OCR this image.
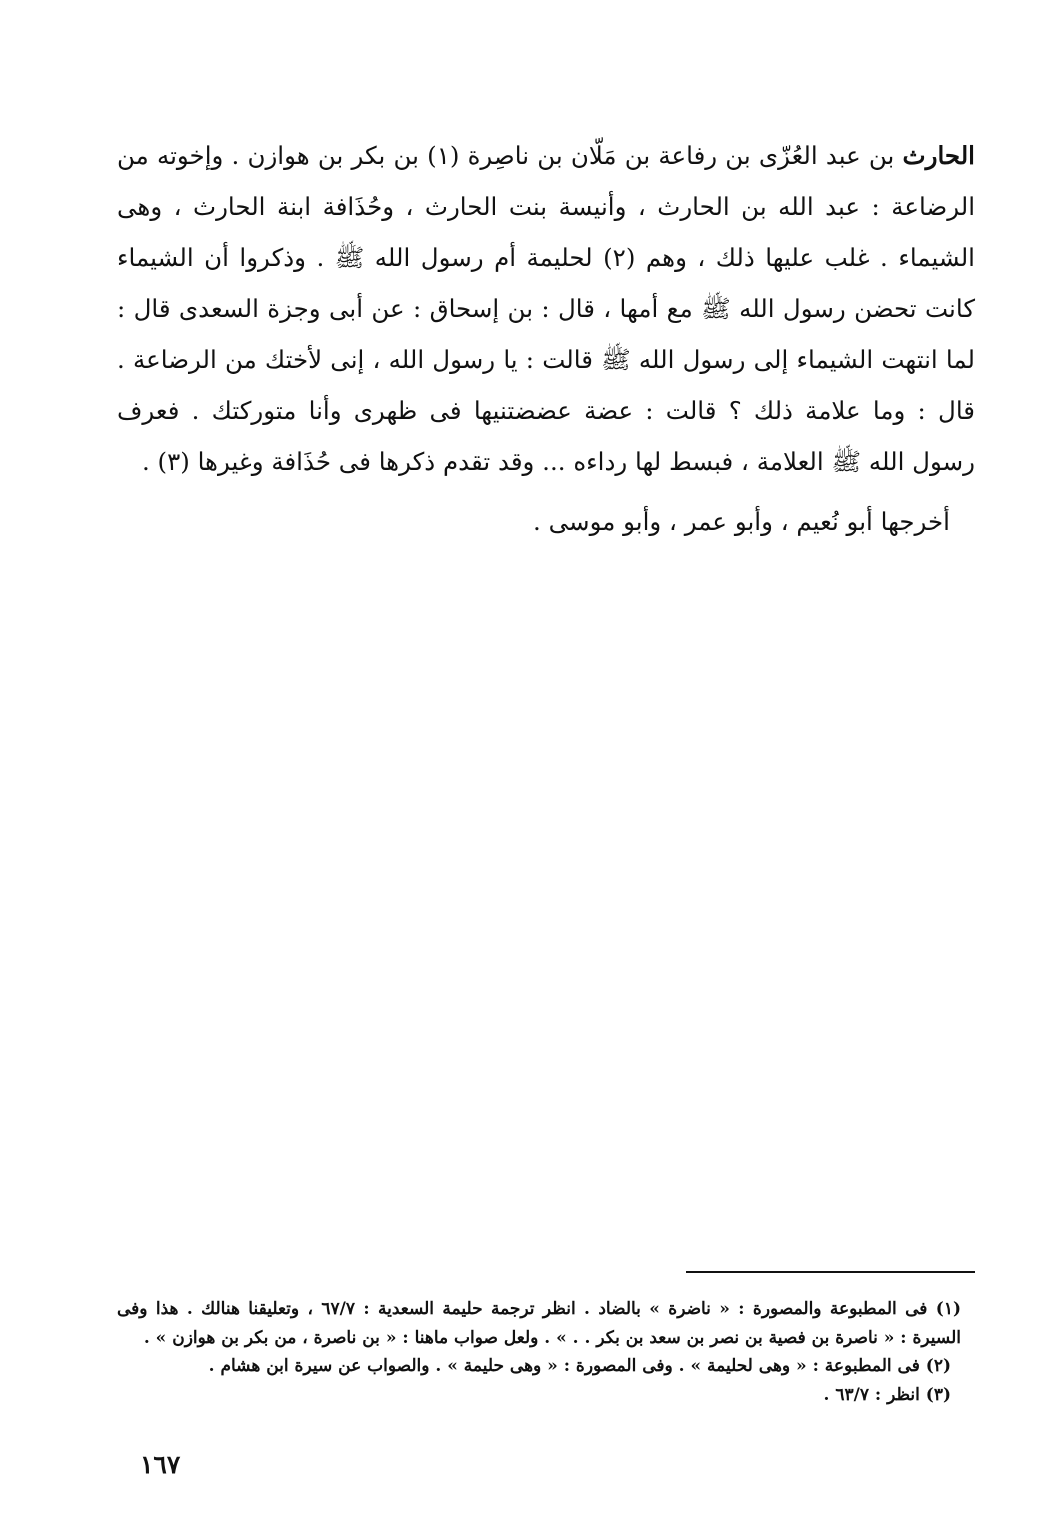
الحارث بن عبد العُزّى بن رفاعة بن مَلّان بن ناصِرة (١) بن بكر بن هوازن . وإخوته من الرضاعة : عبد الله بن الحارث ، وأنيسة بنت الحارث ، وحُذَافة ابنة الحارث ، وهى الشيماء . غلب عليها ذلك ، وهم (٢) لحليمة أم رسول الله ﷺ . وذكروا أن الشيماء كانت تحضن رسول الله ﷺ مع أمها ، قال : بن إسحاق : عن أبى وجزة السعدى قال : لما انتهت الشيماء إلى رسول الله ﷺ قالت : يا رسول الله ، إنى لأختك من الرضاعة . قال : وما علامة ذلك ؟ قالت : عضة عضضتنيها فى ظهرى وأنا متوركتك . فعرف رسول الله ﷺ العلامة ، فبسط لها رداءه ... وقد تقدم ذكرها فى حُذَافة وغيرها (٣) .

أخرجها أبو نُعيم ، وأبو عمر ، وأبو موسى .

(١) فى المطبوعة والمصورة : « ناضرة » بالضاد . انظر ترجمة حليمة السعدية : ٦٧/٧ ، وتعليقنا هنالك . هذا وفى السيرة : « ناصرة بن فصية بن نصر بن سعد بن بكر . . » . ولعل صواب ماهنا : « بن ناصرة ، من بكر بن هوازن » .

(٢) فى المطبوعة : « وهى لحليمة » . وفى المصورة : « وهى حليمة » . والصواب عن سيرة ابن هشام .

(٣) انظر : ٦٣/٧ .

١٦٧
